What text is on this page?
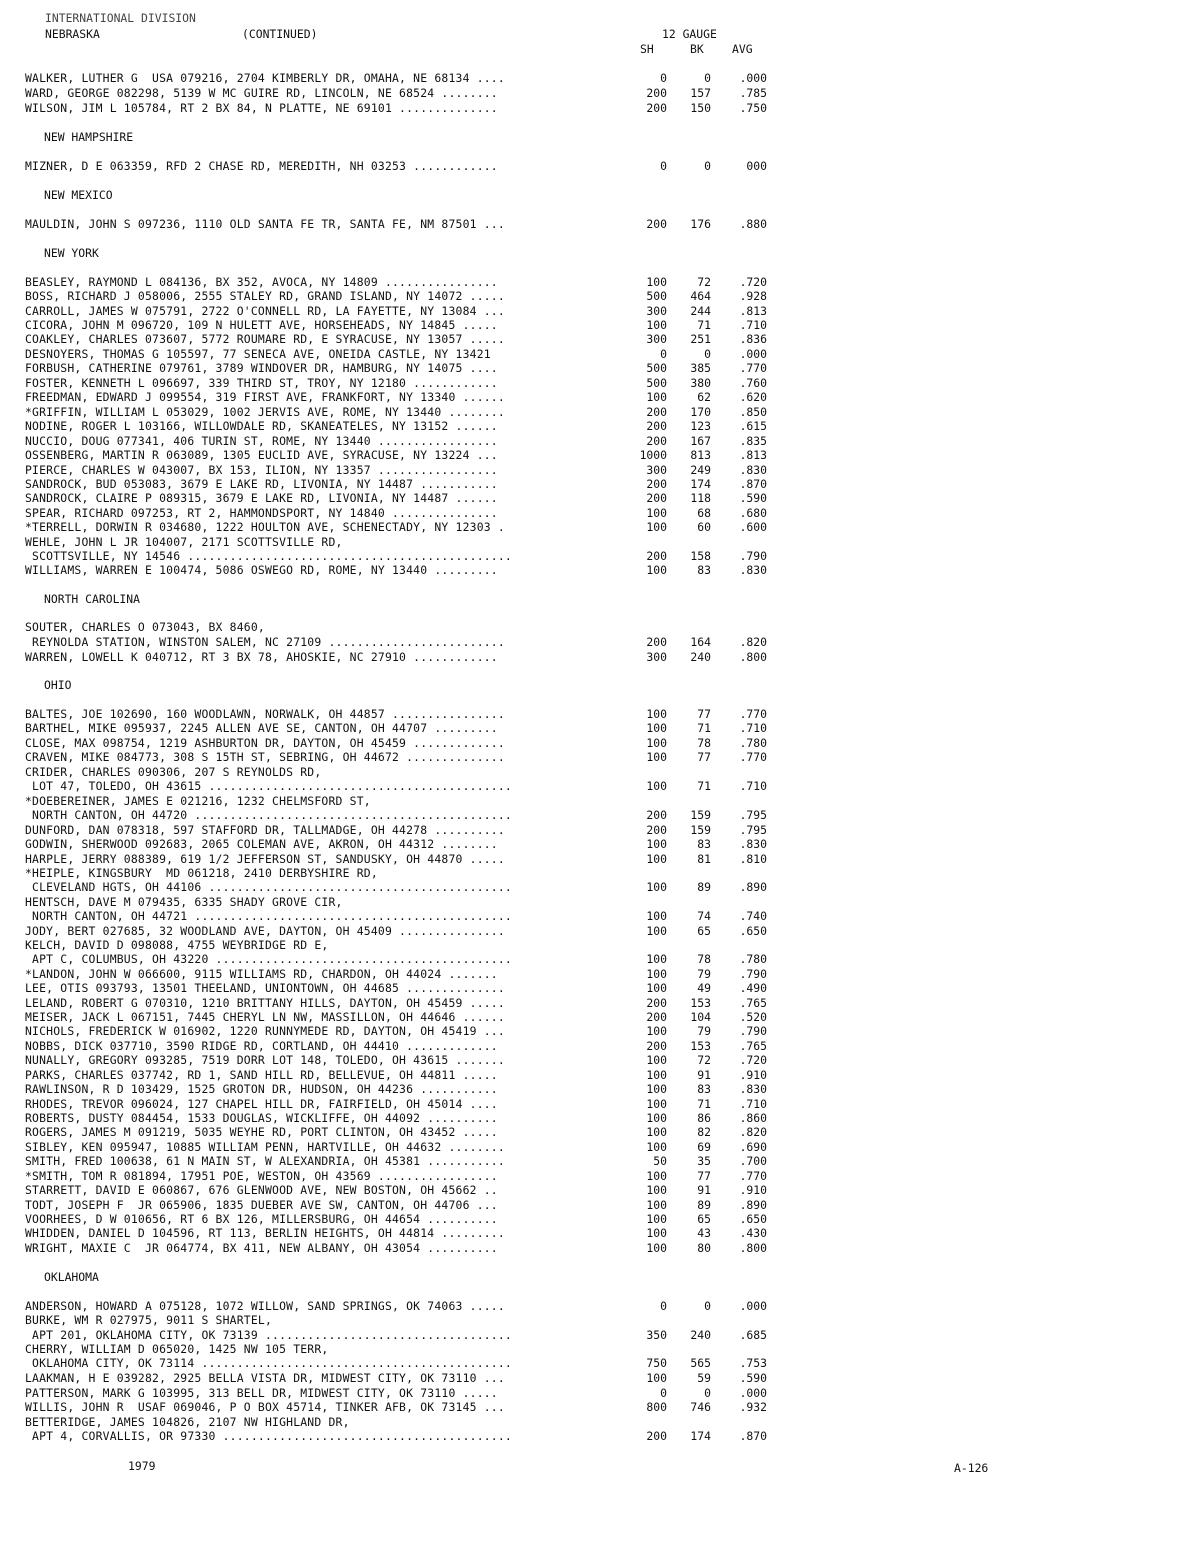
INTERNATIONAL DIVISION
NEBRASKA	(CONTINUED)	12 GAUGE
SH	BK AVG
WALKER, LUTHER G  USA 079216, 2704 KIMBERLY DR, OMAHA, NE 68134 ....	0	0	.000
WARD, GEORGE 082298, 5139 W MC GUIRE RD, LINCOLN, NE 68524 ........	200 157	.785
WILSON, JIM L 105784, RT 2 BX 84, N PLATTE, NE 69101 ..............	200 150	.750
NEW HAMPSHIRE
MIZNER, D E 063359, RFD 2 CHASE RD, MEREDITH, NH 03253 ............	0	0	000
NEW MEXICO
MAULDIN, JOHN S 097236, 1110 OLD SANTA FE TR, SANTA FE, NM 87501 ...	200 176	.880
NEW YORK
BEASLEY, RAYMOND L 084136, BX 352, AVOCA, NY 14809 ................	100	72	.720
BOSS, RICHARD J 058006, 2555 STALEY RD, GRAND ISLAND, NY 14072 .....	500 464	.928
CARROLL, JAMES W 075791, 2722 O'CONNELL RD, LA FAYETTE, NY 13084 ...	300 244	.813
CICORA, JOHN M 096720, 109 N HULETT AVE, HORSEHEADS, NY 14845 .....	100	71	.710
COAKLEY, CHARLES 073607, 5772 ROUMARE RD, E SYRACUSE, NY 13057 .....	300 251	.836
DESNOYERS, THOMAS G 105597, 77 SENECA AVE, ONEIDA CASTLE, NY 13421	0	0	.000
FORBUSH, CATHERINE 079761, 3789 WINDOVER DR, HAMBURG, NY 14075 ....	500 385	.770
FOSTER, KENNETH L 096697, 339 THIRD ST, TROY, NY 12180 ............	500 380	.760
FREEDMAN, EDWARD J 099554, 319 FIRST AVE, FRANKFORT, NY 13340 ......	100	62	.620
*GRIFFIN, WILLIAM L 053029, 1002 JERVIS AVE, ROME, NY 13440 ........	200 170	.850
NODINE, ROGER L 103166, WILLOWDALE RD, SKANEATELES, NY 13152 ......	200 123	.615
NUCCIO, DOUG 077341, 406 TURIN ST, ROME, NY 13440 .................	200 167	.835
OSSENBERG, MARTIN R 063089, 1305 EUCLID AVE, SYRACUSE, NY 13224 ...	1000 813	.813
PIERCE, CHARLES W 043007, BX 153, ILION, NY 13357 .................	300 249	.830
SANDROCK, BUD 053083, 3679 E LAKE RD, LIVONIA, NY 14487 ...........	200 174	.870
SANDROCK, CLAIRE P 089315, 3679 E LAKE RD, LIVONIA, NY 14487 ......	200 118	.590
SPEAR, RICHARD 097253, RT 2, HAMMONDSPORT, NY 14840 ...............	100	68	.680
*TERRELL, DORWIN R 034680, 1222 HOULTON AVE, SCHENECTADY, NY 12303 .	100	60	.600
WEHLE, JOHN L JR 104007, 2171 SCOTTSVILLE RD,
SCOTTSVILLE, NY 14546 ..............................................	200 158	.790
WILLIAMS, WARREN E 100474, 5086 OSWEGO RD, ROME, NY 13440 .........	100	83	.830
NORTH CAROLINA
SOUTER, CHARLES O 073043, BX 8460,
REYNOLDA STATION, WINSTON SALEM, NC 27109 .........................	200 164	.820
WARREN, LOWELL K 040712, RT 3 BX 78, AHOSKIE, NC 27910 ............	300 240	.800
OHIO
BALTES, JOE 102690, 160 WOODLAWN, NORWALK, OH 44857 ................	100	77	.770
BARTHEL, MIKE 095937, 2245 ALLEN AVE SE, CANTON, OH 44707 .........	100	71	.710
CLOSE, MAX 098754, 1219 ASHBURTON DR, DAYTON, OH 45459 .............	100	78	.780
CRAVEN, MIKE 084773, 308 S 15TH ST, SEBRING, OH 44672 ..............	100	77	.770
CRIDER, CHARLES 090306, 207 S REYNOLDS RD,
LOT 47, TOLEDO, OH 43615 ...........................................	100	71	.710
*DOEBEREINER, JAMES E 021216, 1232 CHELMSFORD ST,
NORTH CANTON, OH 44720 .............................................	200 159	.795
DUNFORD, DAN 078318, 597 STAFFORD DR, TALLMADGE, OH 44278 ..........	200 159	.795
GODWIN, SHERWOOD 092683, 2065 COLEMAN AVE, AKRON, OH 44312 ........	100	83	.830
HARPLE, JERRY 088389, 619 1/2 JEFFERSON ST, SANDUSKY, OH 44870 .....	100	81	.810
*HEIPLE, KINGSBURY  MD 061218, 2410 DERBYSHIRE RD,
CLEVELAND HGTS, OH 44106 ...........................................	100	89	.890
HENTSCH, DAVE M 079435, 6335 SHADY GROVE CIR,
NORTH CANTON, OH 44721 .............................................	100	74	.740
JODY, BERT 027685, 32 WOODLAND AVE, DAYTON, OH 45409 ...............	100	65	.650
KELCH, DAVID D 098088, 4755 WEYBRIDGE RD E,
APT C, COLUMBUS, OH 43220 ..........................................	100	78	.780
*LANDON, JOHN W 066600, 9115 WILLIAMS RD, CHARDON, OH 44024 .......	100	79	.790
LEE, OTIS 093793, 13501 THEELAND, UNIONTOWN, OH 44685 ..............	100	49	.490
LELAND, ROBERT G 070310, 1210 BRITTANY HILLS, DAYTON, OH 45459 .....	200 153	.765
MEISER, JACK L 067151, 7445 CHERYL LN NW, MASSILLON, OH 44646 ......	200 104	.520
NICHOLS, FREDERICK W 016902, 1220 RUNNYMEDE RD, DAYTON, OH 45419 ...	100	79	.790
NOBBS, DICK 037710, 3590 RIDGE RD, CORTLAND, OH 44410 .............	200 153	.765
NUNALLY, GREGORY 093285, 7519 DORR LOT 148, TOLEDO, OH 43615 .......	100	72	.720
PARKS, CHARLES 037742, RD 1, SAND HILL RD, BELLEVUE, OH 44811 .....	100	91	.910
RAWLINSON, R D 103429, 1525 GROTON DR, HUDSON, OH 44236 ...........	100	83	.830
RHODES, TREVOR 096024, 127 CHAPEL HILL DR, FAIRFIELD, OH 45014 ....	100	71	.710
ROBERTS, DUSTY 084454, 1533 DOUGLAS, WICKLIFFE, OH 44092 ..........	100	86	.860
ROGERS, JAMES M 091219, 5035 WEYHE RD, PORT CLINTON, OH 43452 .....	100	82	.820
SIBLEY, KEN 095947, 10885 WILLIAM PENN, HARTVILLE, OH 44632 ........	100	69	.690
SMITH, FRED 100638, 61 N MAIN ST, W ALEXANDRIA, OH 45381 ...........	50	35	.700
*SMITH, TOM R 081894, 17951 POE, WESTON, OH 43569 .................	100	77	.770
STARRETT, DAVID E 060867, 676 GLENWOOD AVE, NEW BOSTON, OH 45662 ..	100	91	.910
TODT, JOSEPH F  JR 065906, 1835 DUEBER AVE SW, CANTON, OH 44706 ...	100	89	.890
VOORHEES, D W 010656, RT 6 BX 126, MILLERSBURG, OH 44654 ..........	100	65	.650
WHIDDEN, DANIEL D 104596, RT 113, BERLIN HEIGHTS, OH 44814 .........	100	43	.430
WRIGHT, MAXIE C  JR 064774, BX 411, NEW ALBANY, OH 43054 ..........	100	80	.800
OKLAHOMA
ANDERSON, HOWARD A 075128, 1072 WILLOW, SAND SPRINGS, OK 74063 .....	0	0	.000
BURKE, WM R 027975, 9011 S SHARTEL,
APT 201, OKLAHOMA CITY, OK 73139 ...................................	350 240	.685
CHERRY, WILLIAM D 065020, 1425 NW 105 TERR,
OKLAHOMA CITY, OK 73114 ............................................	750 565	.753
LAAKMAN, H E 039282, 2925 BELLA VISTA DR, MIDWEST CITY, OK 73110 ...	100	59	.590
PATTERSON, MARK G 103995, 313 BELL DR, MIDWEST CITY, OK 73110 .....	0	0	.000
WILLIS, JOHN R  USAF 069046, P O BOX 45714, TINKER AFB, OK 73145 ...	800 746	.932
BETTERIDGE, JAMES 104826, 2107 NW HIGHLAND DR,
APT 4, CORVALLIS, OR 97330 .........................................	200 174	.870
1979	A-126
